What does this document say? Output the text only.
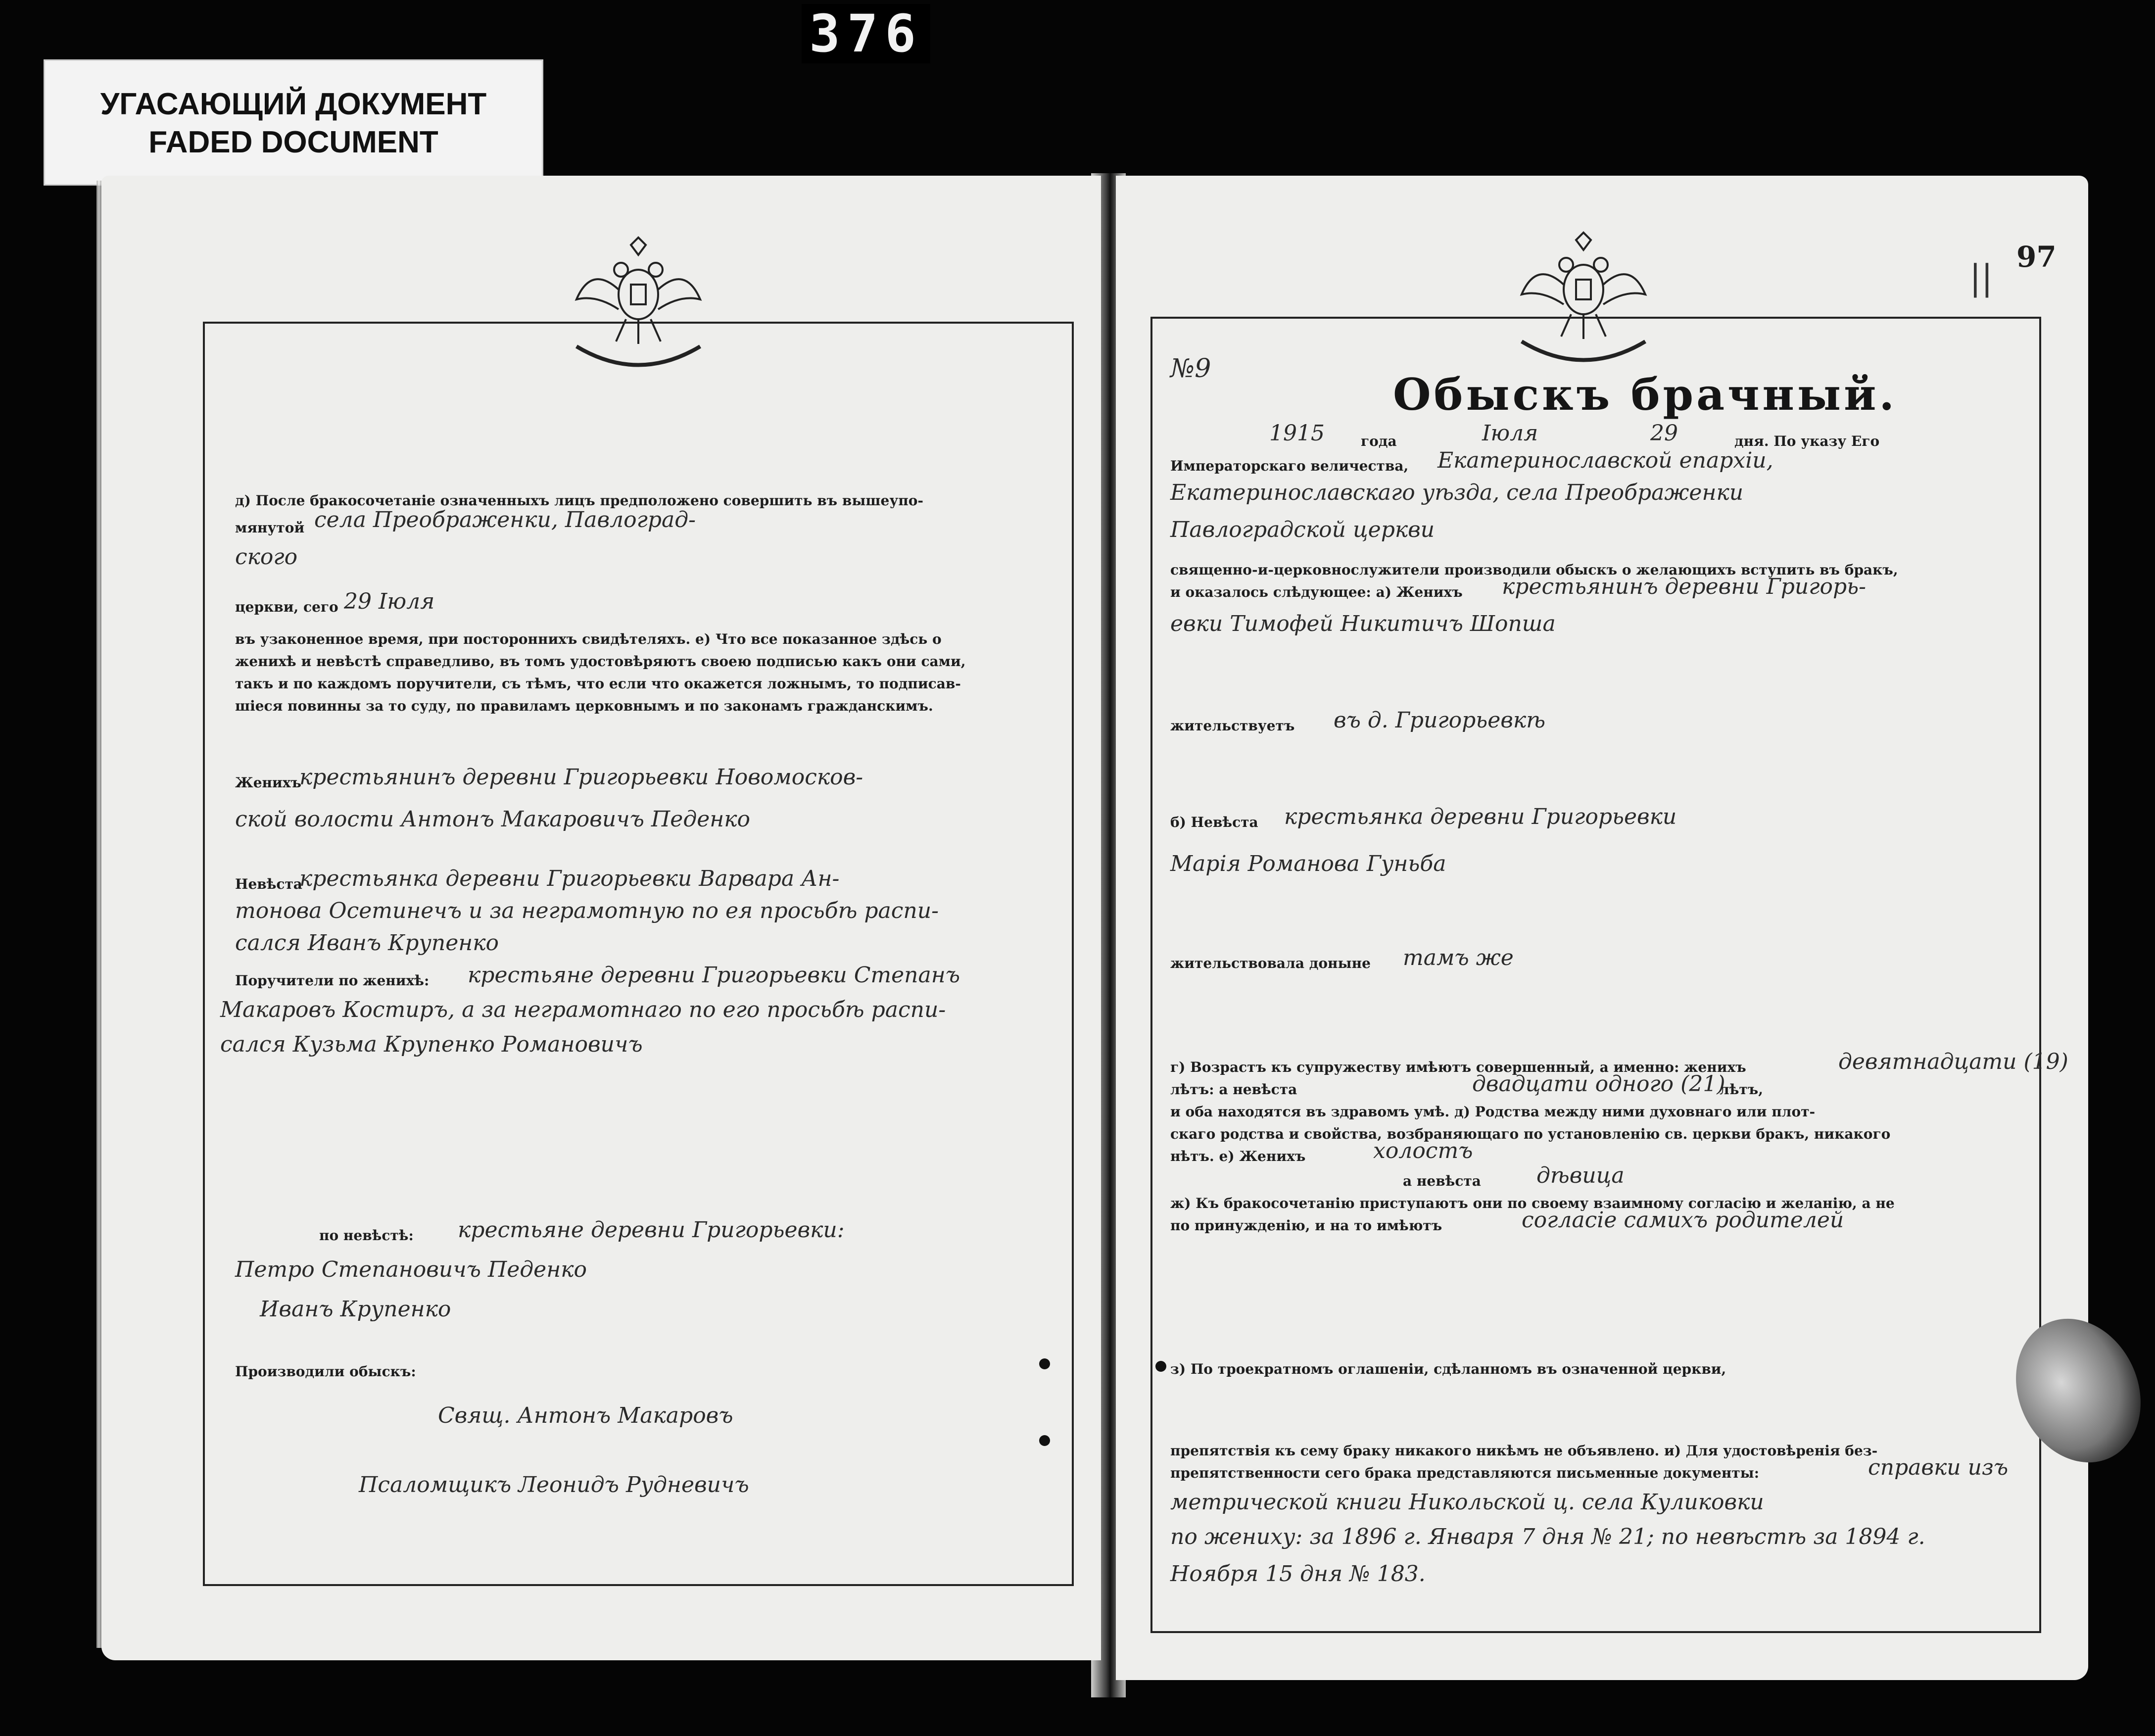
376
УГАСАЮЩИЙ ДОКУМЕНТ
FADED DOCUMENT
д) После бракосочетаніе означенныхъ лицъ предположено совершить въ вышеупо-
мянутой села Преображенки, Павлоград-
ского
церкви, сего 29 Іюля
въ узаконенное время, при постороннихъ свидѣтеляхъ. е) Что все показанное здѣсь о
женихѣ и невѣстѣ справедливо, въ томъ удостовѣряютъ своею подписью какъ они сами,
такъ и по каждомъ поручители, съ тѣмъ, что если что окажется ложнымъ, то подписав-
шіеся повинны за то суду, по правиламъ церковнымъ и по законамъ гражданскимъ.
Женихъ
крестьянинъ деревни Григорьевки Новомосков-
ской волости Антонъ Макаровичъ Педенко
Невѣста
крестьянка деревни Григорьевки Варвара Ан-
тонова Осетинечъ и за неграмотную по ея просьбѣ распи-
сался Иванъ Крупенко
Поручители по женихѣ: крестьяне деревни Григорьевки Степанъ
Макаровъ Костиръ, а за неграмотнаго по его просьбѣ распи-
сался Кузьма Крупенко Романовичъ
по невѣстѣ: крестьяне деревни Григорьевки:
Петро Степановичъ Педенко
Иванъ Крупенко
Производили обыскъ:
Свящ. Антонъ Макаровъ
Псаломщикъ Леонидъ Рудневичъ
97
||
№9	Обыскъ брачный.
1915	года	Іюля	29	дня. По указу Его
Императорскаго величества, Екатеринославской епархіи,
Екатеринославскаго уѣзда, села Преображенки
Павлоградской церкви
священно-и-церковнослужители производили обыскъ о желающихъ вступить въ бракъ,
и оказалось слѣдующее: а) Женихъ крестьянинъ деревни Григорь-
евки Тимофей Никитичъ Шопша
жительствуетъ въ д. Григорьевкѣ
б) Невѣста крестьянка деревни Григорьевки
Марія Романова Гуньба
жительствовала доныне тамъ же
г) Возрастъ къ супружеству имѣютъ совершенный, а именно: женихъ	девятнадцати (19)
лѣтъ: а невѣста	двадцати одного (21)
лѣтъ,
и оба находятся въ здравомъ умѣ. д) Родства между ними духовнаго или плот-
скаго родства и свойства, возбраняющаго по установленію св. церкви бракъ, никакого
нѣтъ. е) Женихъ	холостъ
а невѣста	дѣвица
ж) Къ бракосочетанію приступаютъ они по своему взаимному согласію и желанію, а не
по принужденію, и на то имѣютъ	согласіе самихъ родителей
з) По троекратномъ оглашеніи, сдѣланномъ въ означенной церкви,
препятствія къ сему браку никакого никѣмъ не объявлено. и) Для удостовѣренія без-
препятственности сего брака представляются письменные документы:	справки изъ
метрической книги Никольской ц. села Куликовки
по жениху: за 1896 г. Января 7 дня № 21; по невѣстѣ за 1894 г.
Ноября 15 дня № 183.
